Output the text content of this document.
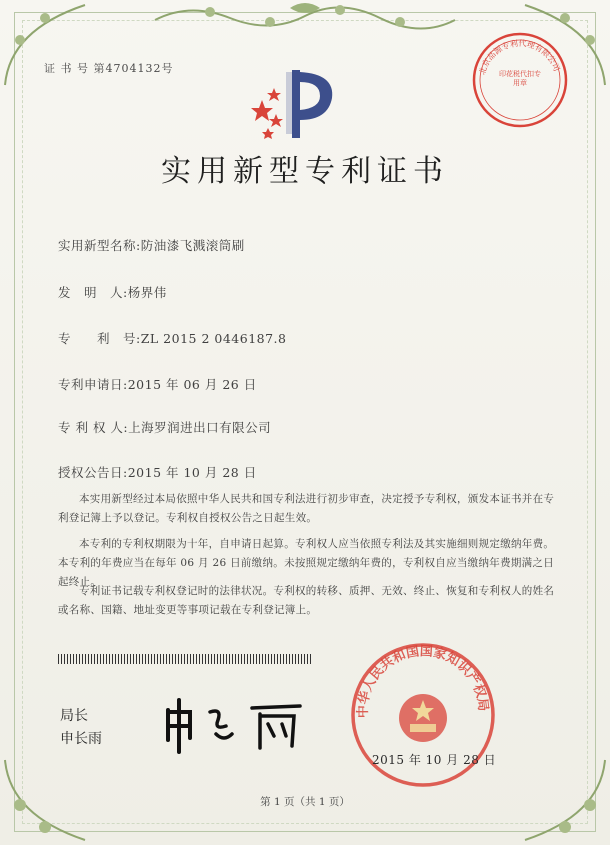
证 书 号 第4704132号	北京品源专利代理有限公司
印花税代扣专用章
实用新型专利证书
实用新型名称:防油漆飞溅滚筒刷
发　明　人:杨界伟
专　　利　号:ZL 2015 2 0446187.8
专利申请日:2015 年 06 月 26 日
专 利 权 人:上海罗润进出口有限公司
授权公告日:2015 年 10 月 28 日
本实用新型经过本局依照中华人民共和国专利法进行初步审查，决定授予专利权，颁发本证书并在专利登记簿上予以登记。专利权自授权公告之日起生效。
本专利的专利权期限为十年，自申请日起算。专利权人应当依照专利法及其实施细则规定缴纳年费。本专利的年费应当在每年 06 月 26 日前缴纳。未按照规定缴纳年费的，专利权自应当缴纳年费期满之日起终止。
专利证书记载专利权登记时的法律状况。专利权的转移、质押、无效、终止、恢复和专利权人的姓名或名称、国籍、地址变更等事项记载在专利登记簿上。
局长
申长雨
中华人民共和国国家知识产权局
2015 年 10 月 28 日
第 1 页（共 1 页）
